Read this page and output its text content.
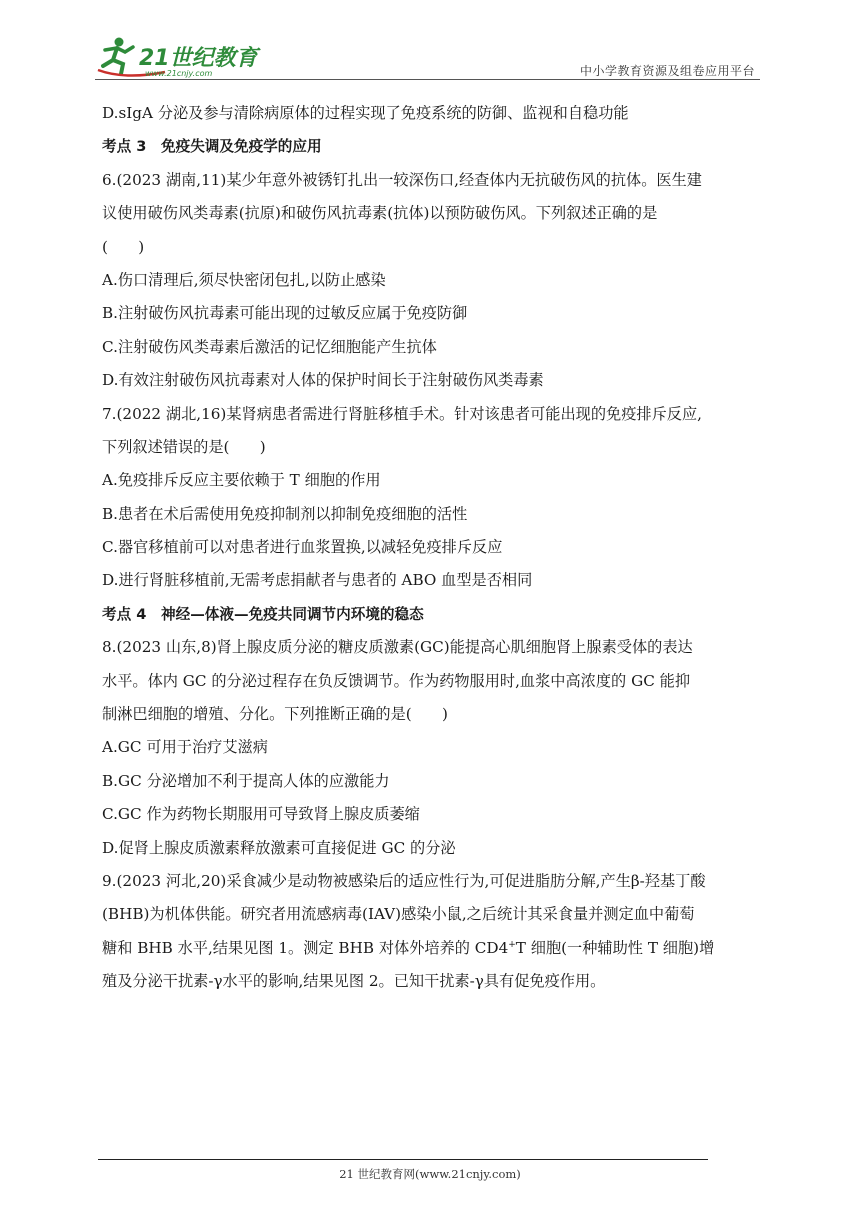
21世纪教育
www.21cnjy.com	中小学教育资源及组卷应用平台
D.sIgA 分泌及参与清除病原体的过程实现了免疫系统的防御、监视和自稳功能
考点 3　免疫失调及免疫学的应用
6.(2023 湖南,11)某少年意外被锈钉扎出一较深伤口,经查体内无抗破伤风的抗体。医生建
议使用破伤风类毒素(抗原)和破伤风抗毒素(抗体)以预防破伤风。下列叙述正确的是
(　　)
A.伤口清理后,须尽快密闭包扎,以防止感染
B.注射破伤风抗毒素可能出现的过敏反应属于免疫防御
C.注射破伤风类毒素后激活的记忆细胞能产生抗体
D.有效注射破伤风抗毒素对人体的保护时间长于注射破伤风类毒素
7.(2022 湖北,16)某肾病患者需进行肾脏移植手术。针对该患者可能出现的免疫排斥反应,
下列叙述错误的是(　　)
A.免疫排斥反应主要依赖于 T 细胞的作用
B.患者在术后需使用免疫抑制剂以抑制免疫细胞的活性
C.器官移植前可以对患者进行血浆置换,以减轻免疫排斥反应
D.进行肾脏移植前,无需考虑捐献者与患者的 ABO 血型是否相同
考点 4　神经—体液—免疫共同调节内环境的稳态
8.(2023 山东,8)肾上腺皮质分泌的糖皮质激素(GC)能提高心肌细胞肾上腺素受体的表达
水平。体内 GC 的分泌过程存在负反馈调节。作为药物服用时,血浆中高浓度的 GC 能抑
制淋巴细胞的增殖、分化。下列推断正确的是(　　)
A.GC 可用于治疗艾滋病
B.GC 分泌增加不利于提高人体的应激能力
C.GC 作为药物长期服用可导致肾上腺皮质萎缩
D.促肾上腺皮质激素释放激素可直接促进 GC 的分泌
9.(2023 河北,20)采食减少是动物被感染后的适应性行为,可促进脂肪分解,产生β-羟基丁酸
(BHB)为机体供能。研究者用流感病毒(IAV)感染小鼠,之后统计其采食量并测定血中葡萄
糖和 BHB 水平,结果见图 1。测定 BHB 对体外培养的 CD4+T 细胞(一种辅助性 T 细胞)增
殖及分泌干扰素-γ水平的影响,结果见图 2。已知干扰素-γ具有促免疫作用。
21 世纪教育网(www.21cnjy.com)
